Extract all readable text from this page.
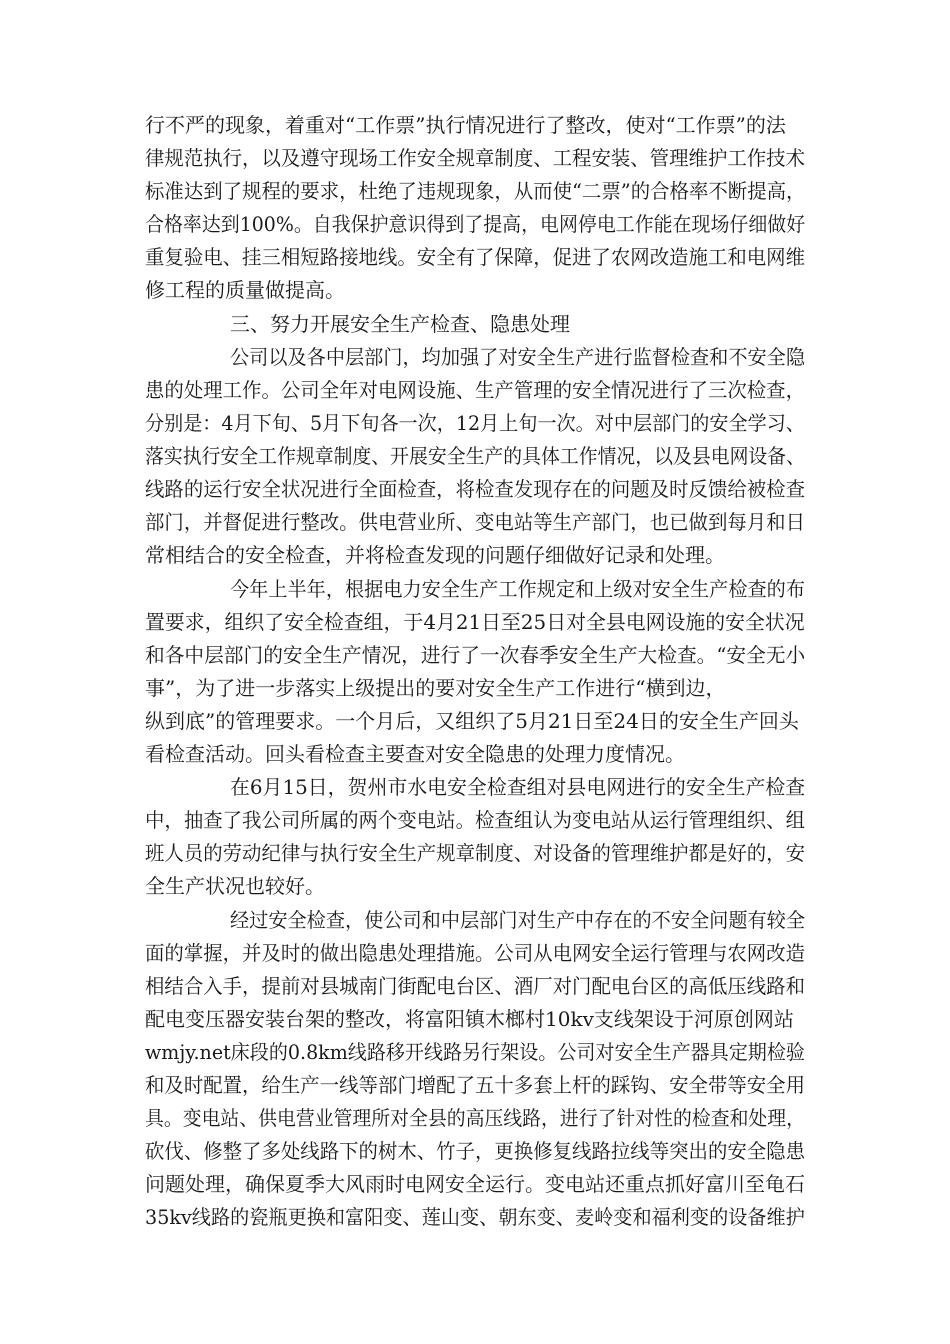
行不严的现象，着重对“工作票”执行情况进行了整改，使对“工作票”的法
律规范执行，以及遵守现场工作安全规章制度、工程安装、管理维护工作技术
标准达到了规程的要求，杜绝了违规现象，从而使“二票”的合格率不断提高，
合格率达到100%。自我保护意识得到了提高，电网停电工作能在现场仔细做好
重复验电、挂三相短路接地线。安全有了保障，促进了农网改造施工和电网维
修工程的质量做提高。
三、努力开展安全生产检查、隐患处理
公司以及各中层部门，均加强了对安全生产进行监督检查和不安全隐
患的处理工作。公司全年对电网设施、生产管理的安全情况进行了三次检查，
分别是：4月下旬、5月下旬各一次，12月上旬一次。对中层部门的安全学习、
落实执行安全工作规章制度、开展安全生产的具体工作情况，以及县电网设备、
线路的运行安全状况进行全面检查，将检查发现存在的问题及时反馈给被检查
部门，并督促进行整改。供电营业所、变电站等生产部门，也已做到每月和日
常相结合的安全检查，并将检查发现的问题仔细做好记录和处理。
今年上半年，根据电力安全生产工作规定和上级对安全生产检查的布
置要求，组织了安全检查组，于4月21日至25日对全县电网设施的安全状况
和各中层部门的安全生产情况，进行了一次春季安全生产大检查。“安全无小
事”，为了进一步落实上级提出的要对安全生产工作进行“横到边，
纵到底”的管理要求。一个月后，又组织了5月21日至24日的安全生产回头
看检查活动。回头看检查主要查对安全隐患的处理力度情况。
在6月15日，贺州市水电安全检查组对县电网进行的安全生产检查
中，抽查了我公司所属的两个变电站。检查组认为变电站从运行管理组织、组
班人员的劳动纪律与执行安全生产规章制度、对设备的管理维护都是好的，安
全生产状况也较好。
经过安全检查，使公司和中层部门对生产中存在的不安全问题有较全
面的掌握，并及时的做出隐患处理措施。公司从电网安全运行管理与农网改造
相结合入手，提前对县城南门街配电台区、酒厂对门配电台区的高低压线路和
配电变压器安装台架的整改，将富阳镇木榔村10kv支线架设于河原创网站
wmjy.net床段的0.8km线路移开线路另行架设。公司对安全生产器具定期检验
和及时配置，给生产一线等部门增配了五十多套上杆的踩钩、安全带等安全用
具。变电站、供电营业管理所对全县的高压线路，进行了针对性的检查和处理，
砍伐、修整了多处线路下的树木、竹子，更换修复线路拉线等突出的安全隐患
问题处理，确保夏季大风雨时电网安全运行。变电站还重点抓好富川至龟石
35kv线路的瓷瓶更换和富阳变、莲山变、朝东变、麦岭变和福利变的设备维护
